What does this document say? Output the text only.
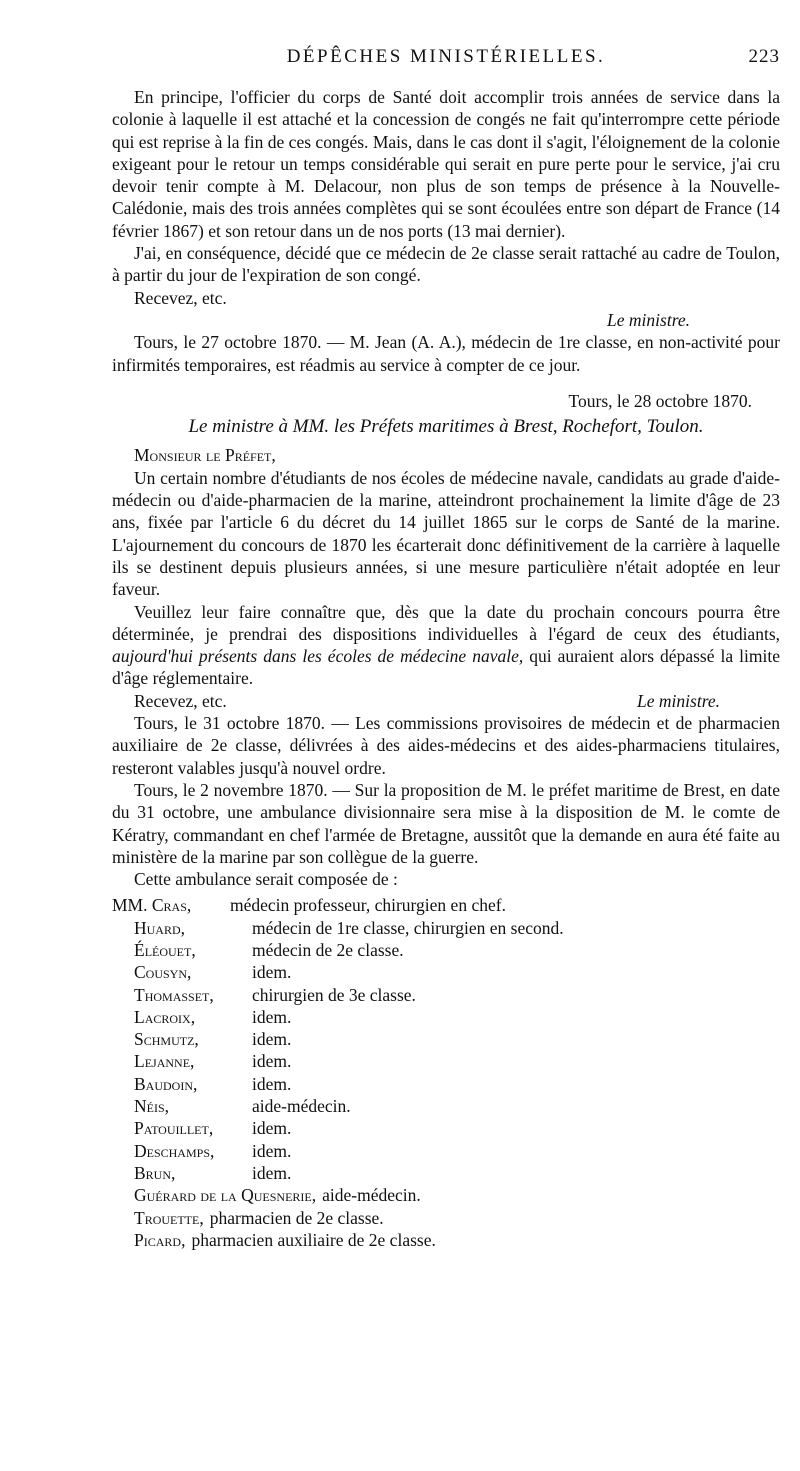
DÉPÊCHES MINISTÉRIELLES.	223

En principe, l'officier du corps de Santé doit accomplir trois années de service dans la colonie à laquelle il est attaché et la concession de congés ne fait qu'interrompre cette période qui est reprise à la fin de ces congés. Mais, dans le cas dont il s'agit, l'éloignement de la colonie exigeant pour le retour un temps considérable qui serait en pure perte pour le service, j'ai cru devoir tenir compte à M. Delacour, non plus de son temps de présence à la Nouvelle-Calédonie, mais des trois années complètes qui se sont écoulées entre son départ de France (14 février 1867) et son retour dans un de nos ports (13 mai dernier).

J'ai, en conséquence, décidé que ce médecin de 2e classe serait rattaché au cadre de Toulon, à partir du jour de l'expiration de son congé.

Recevez, etc.

Le ministre.

Tours, le 27 octobre 1870. — M. Jean (A. A.), médecin de 1re classe, en non-activité pour infirmités temporaires, est réadmis au service à compter de ce jour.

Tours, le 28 octobre 1870.

Le ministre à MM. les Préfets maritimes à Brest, Rochefort, Toulon.

Monsieur le Préfet,

Un certain nombre d'étudiants de nos écoles de médecine navale, candidats au grade d'aide-médecin ou d'aide-pharmacien de la marine, atteindront prochainement la limite d'âge de 23 ans, fixée par l'article 6 du décret du 14 juillet 1865 sur le corps de Santé de la marine. L'ajournement du concours de 1870 les écarterait donc définitivement de la carrière à laquelle ils se destinent depuis plusieurs années, si une mesure particulière n'était adoptée en leur faveur.

Veuillez leur faire connaître que, dès que la date du prochain concours pourra être déterminée, je prendrai des dispositions individuelles à l'égard de ceux des étudiants, aujourd'hui présents dans les écoles de médecine navale, qui auraient alors dépassé la limite d'âge réglementaire.

Recevez, etc.	Le ministre.

Tours, le 31 octobre 1870. — Les commissions provisoires de médecin et de pharmacien auxiliaire de 2e classe, délivrées à des aides-médecins et des aides-pharmaciens titulaires, resteront valables jusqu'à nouvel ordre.

Tours, le 2 novembre 1870. — Sur la proposition de M. le préfet maritime de Brest, en date du 31 octobre, une ambulance divisionnaire sera mise à la disposition de M. le comte de Kératry, commandant en chef l'armée de Bretagne, aussitôt que la demande en aura été faite au ministère de la marine par son collègue de la guerre.

Cette ambulance serait composée de :

MM. Cras,	médecin professeur, chirurgien en chef.
Huard,	médecin de 1re classe, chirurgien en second.
Éléouet,	médecin de 2e classe.
Cousyn,	idem.
Thomasset,	chirurgien de 3e classe.
Lacroix,	idem.
Schmutz,	idem.
Lejanne,	idem.
Baudoin,	idem.
Néis,	aide-médecin.
Patouillet,	idem.
Deschamps,	idem.
Brun,	idem.
Guérard de la Quesnerie, aide-médecin.
Trouette, pharmacien de 2e classe.
Picard, pharmacien auxiliaire de 2e classe.
